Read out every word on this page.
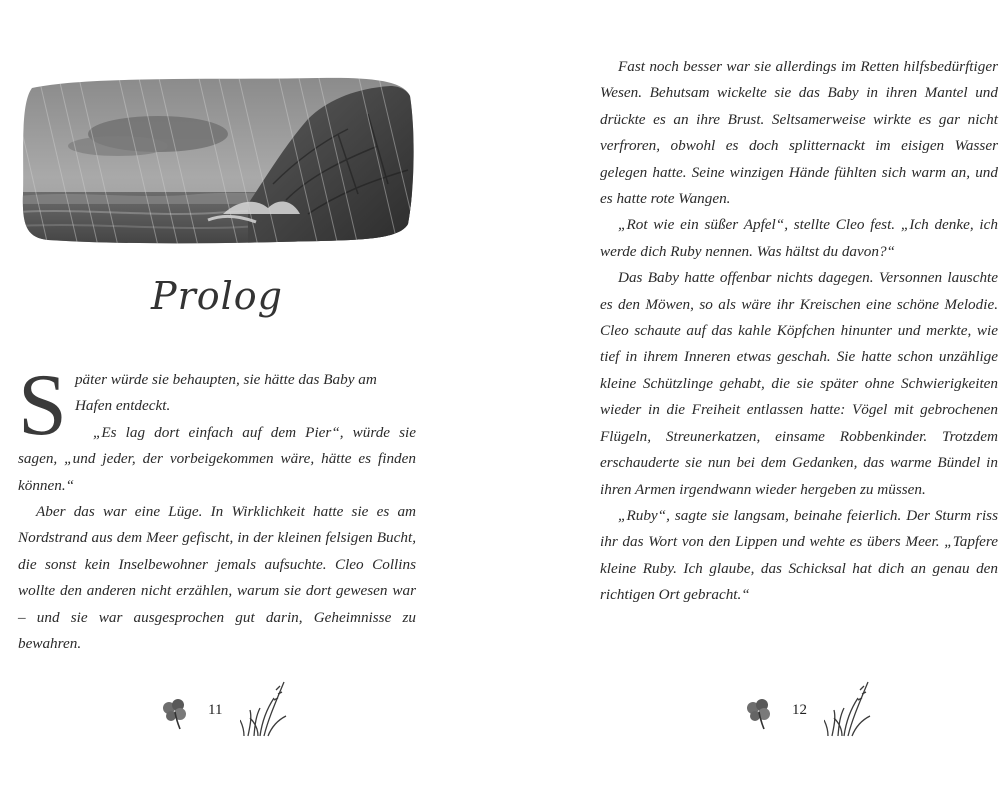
Prolog

S päter würde sie behaupten, sie hätte das Baby am
Hafen entdeckt.

„Es lag dort einfach auf dem Pier“, würde sie sagen, „und jeder, der vorbeigekommen wäre, hätte es finden können.“

Aber das war eine Lüge. In Wirklichkeit hatte sie es am Nordstrand aus dem Meer gefischt, in der kleinen felsigen Bucht, die sonst kein Inselbewohner jemals aufsuchte. Cleo Collins wollte den anderen nicht erzählen, warum sie dort gewesen war – und sie war ausgesprochen gut darin, Geheimnisse zu bewahren.

11

Fast noch besser war sie allerdings im Retten hilfsbedürftiger Wesen. Behutsam wickelte sie das Baby in ihren Mantel und drückte es an ihre Brust. Seltsamerweise wirkte es gar nicht verfroren, obwohl es doch splitternackt im eisigen Wasser gelegen hatte. Seine winzigen Hände fühlten sich warm an, und es hatte rote Wangen.

„Rot wie ein süßer Apfel“, stellte Cleo fest. „Ich denke, ich werde dich Ruby nennen. Was hältst du davon?“

Das Baby hatte offenbar nichts dagegen. Versonnen lauschte es den Möwen, so als wäre ihr Kreischen eine schöne Melodie. Cleo schaute auf das kahle Köpfchen hinunter und merkte, wie tief in ihrem Inneren etwas geschah. Sie hatte schon unzählige kleine Schützlinge gehabt, die sie später ohne Schwierigkeiten wieder in die Freiheit entlassen hatte: Vögel mit gebrochenen Flügeln, Streunerkatzen, einsame Robbenkinder. Trotzdem erschauderte sie nun bei dem Gedanken, das warme Bündel in ihren Armen irgendwann wieder hergeben zu müssen.

„Ruby“, sagte sie langsam, beinahe feierlich. Der Sturm riss ihr das Wort von den Lippen und wehte es übers Meer. „Tapfere kleine Ruby. Ich glaube, das Schicksal hat dich an genau den richtigen Ort gebracht.“

12
